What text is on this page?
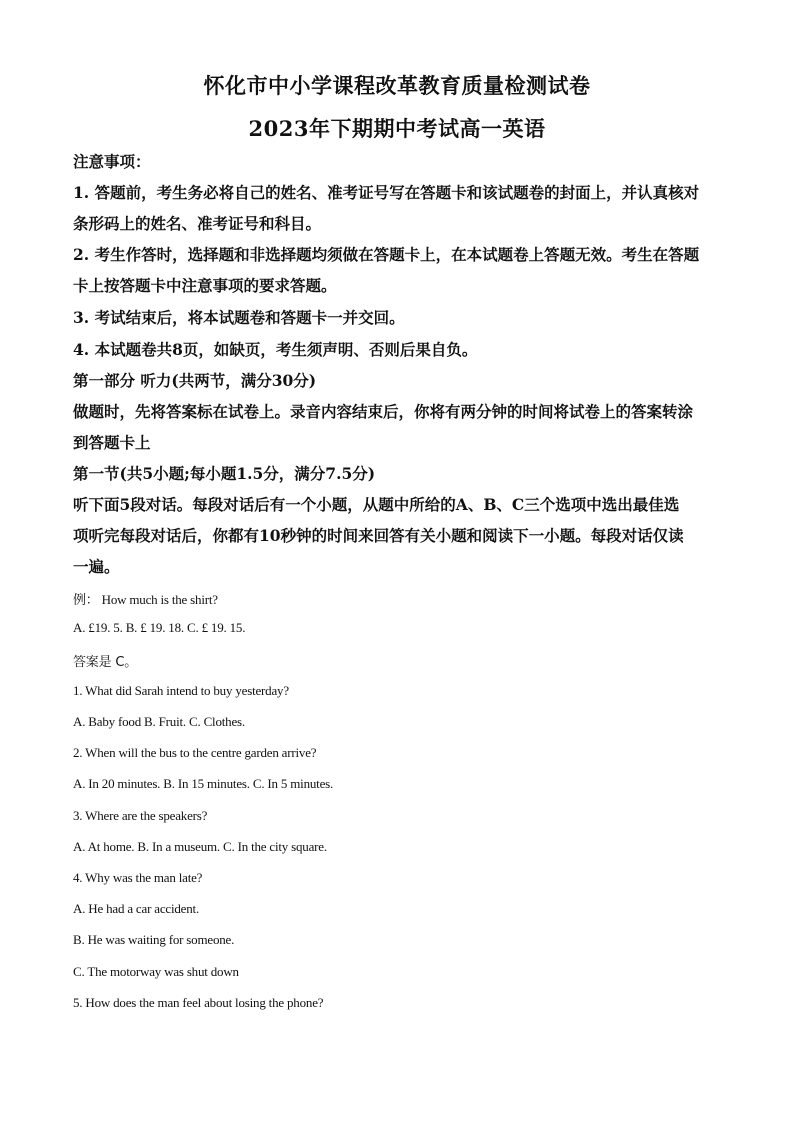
怀化市中小学课程改革教育质量检测试卷
2023年下期期中考试高一英语
注意事项：
1. 答题前，考生务必将自己的姓名、准考证号写在答题卡和该试题卷的封面上，并认真核对
条形码上的姓名、准考证号和科目。
2. 考生作答时，选择题和非选择题均须做在答题卡上，在本试题卷上答题无效。考生在答题
卡上按答题卡中注意事项的要求答题。
3. 考试结束后，将本试题卷和答题卡一并交回。
4. 本试题卷共8页，如缺页，考生须声明、否则后果自负。
第一部分 听力(共两节，满分30分)
做题时，先将答案标在试卷上。录音内容结束后，你将有两分钟的时间将试卷上的答案转涂
到答题卡上
第一节(共5小题;每小题1.5分，满分7.5分)
听下面5段对话。每段对话后有一个小题，从题中所给的A、B、C三个选项中选出最佳选
项听完每段对话后，你都有10秒钟的时间来回答有关小题和阅读下一小题。每段对话仅读
一遍。
例： How much is the shirt?
A. £19. 5. B. £ 19. 18. C. £ 19. 15.
答案是 C。
1. What did Sarah intend to buy yesterday?
A. Baby food B. Fruit. C. Clothes.
2. When will the bus to the centre garden arrive?
A. In 20 minutes. B. In 15 minutes. C. In 5 minutes.
3. Where are the speakers?
A. At home. B. In a museum. C. In the city square.
4. Why was the man late?
A. He had a car accident.
B. He was waiting for someone.
C. The motorway was shut down
5. How does the man feel about losing the phone?
